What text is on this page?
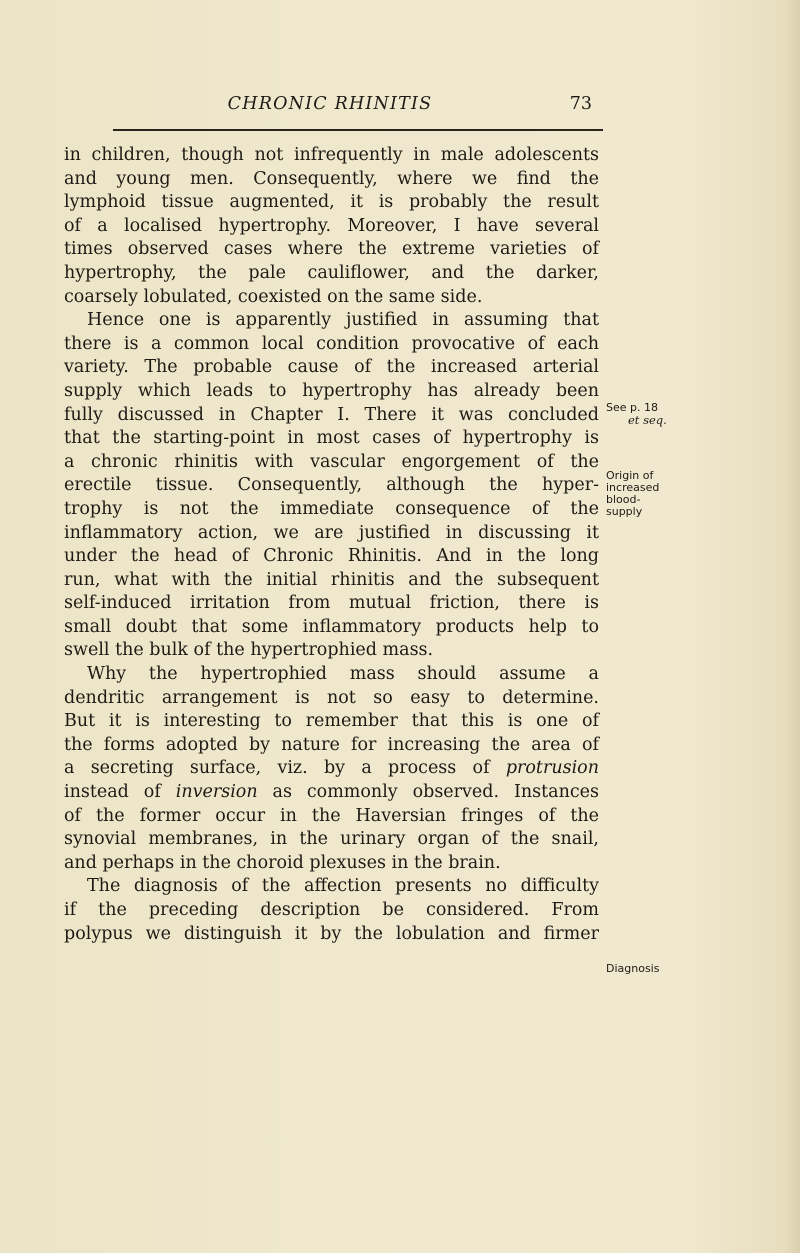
CHRONIC RHINITIS	73
in children, though not infrequently in male adolescents
and young men. Consequently, where we find the
lymphoid tissue augmented, it is probably the result
of a localised hypertrophy. Moreover, I have several
times observed cases where the extreme varieties of
hypertrophy, the pale cauliflower, and the darker,
coarsely lobulated, coexisted on the same side.
Hence one is apparently justified in assuming that
there is a common local condition provocative of each
variety. The probable cause of the increased arterial
supply which leads to hypertrophy has already been
fully discussed in Chapter I. There it was concluded
that the starting-point in most cases of hypertrophy is
a chronic rhinitis with vascular engorgement of the
erectile tissue. Consequently, although the hyper-
trophy is not the immediate consequence of the
inflammatory action, we are justified in discussing it
under the head of Chronic Rhinitis. And in the long
run, what with the initial rhinitis and the subsequent
self-induced irritation from mutual friction, there is
small doubt that some inflammatory products help to
swell the bulk of the hypertrophied mass.
Why the hypertrophied mass should assume a
dendritic arrangement is not so easy to determine.
But it is interesting to remember that this is one of
the forms adopted by nature for increasing the area of
a secreting surface, viz. by a process of protrusion
instead of inversion as commonly observed. Instances
of the former occur in the Haversian fringes of the
synovial membranes, in the urinary organ of the snail,
and perhaps in the choroid plexuses in the brain.
The diagnosis of the affection presents no difficulty
if the preceding description be considered. From
polypus we distinguish it by the lobulation and firmer
See p. 18
et seq.
Origin of
increased
blood-
supply
Diagnosis
